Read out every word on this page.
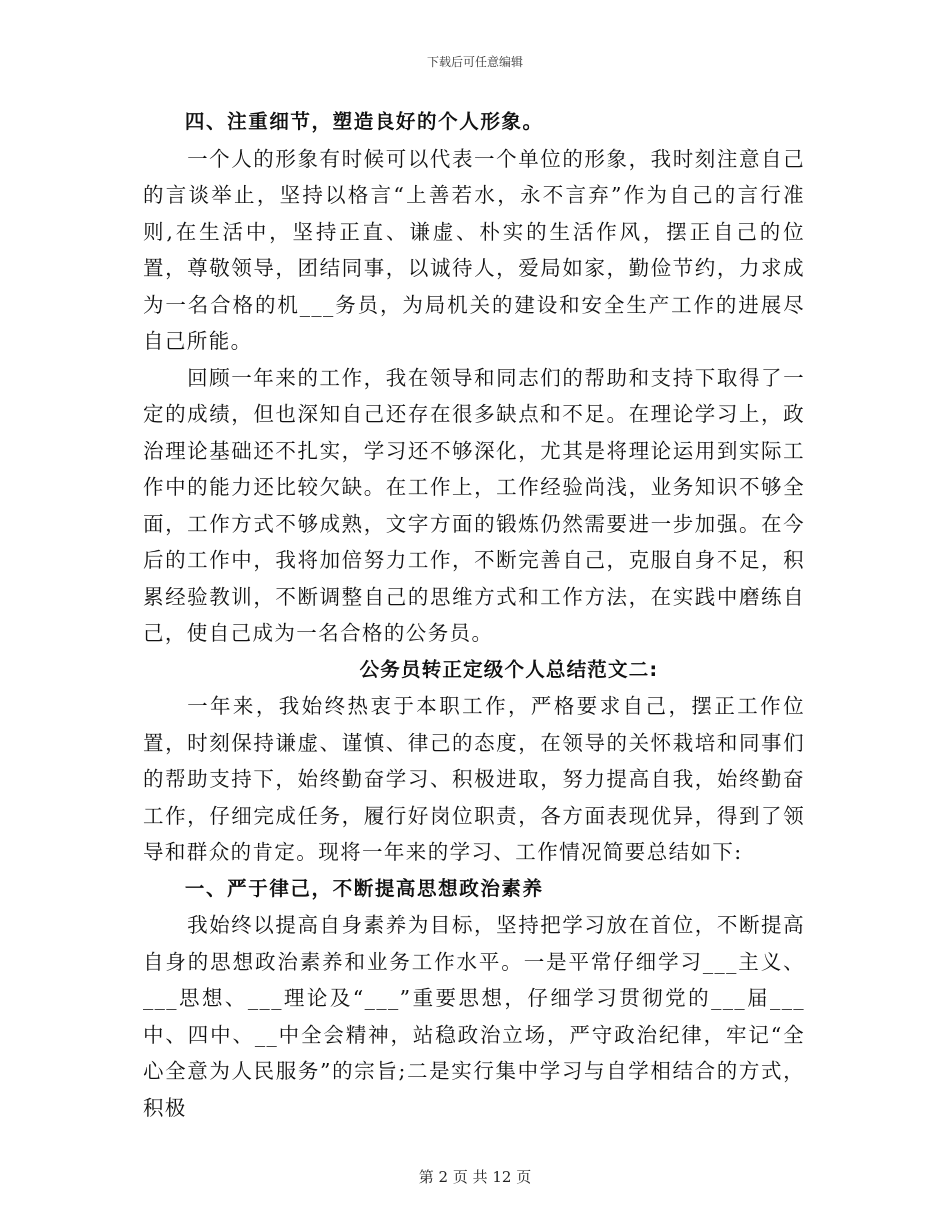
下载后可任意编辑

四、注重细节，塑造良好的个人形象。

一个人的形象有时候可以代表一个单位的形象，我时刻注意自己的言谈举止，坚持以格言“上善若水，永不言弃”作为自己的言行准则,在生活中，坚持正直、谦虚、朴实的生活作风，摆正自己的位置，尊敬领导，团结同事，以诚待人，爱局如家，勤俭节约，力求成为一名合格的机___务员，为局机关的建设和安全生产工作的进展尽自己所能。

回顾一年来的工作，我在领导和同志们的帮助和支持下取得了一定的成绩，但也深知自己还存在很多缺点和不足。在理论学习上，政治理论基础还不扎实，学习还不够深化，尤其是将理论运用到实际工作中的能力还比较欠缺。在工作上，工作经验尚浅，业务知识不够全面，工作方式不够成熟，文字方面的锻炼仍然需要进一步加强。在今后的工作中，我将加倍努力工作，不断完善自己，克服自身不足，积累经验教训，不断调整自己的思维方式和工作方法，在实践中磨练自己，使自己成为一名合格的公务员。

公务员转正定级个人总结范文二:

一年来，我始终热衷于本职工作，严格要求自己，摆正工作位置，时刻保持谦虚、谨慎、律己的态度，在领导的关怀栽培和同事们的帮助支持下，始终勤奋学习、积极进取，努力提高自我，始终勤奋工作，仔细完成任务，履行好岗位职责，各方面表现优异，得到了领导和群众的肯定。现将一年来的学习、工作情况简要总结如下:

一、严于律己，不断提高思想政治素养

我始终以提高自身素养为目标，坚持把学习放在首位，不断提高自身的思想政治素养和业务工作水平。一是平常仔细学习___主义、___思想、___理论及“___”重要思想，仔细学习贯彻党的___届___中、四中、__中全会精神，站稳政治立场，严守政治纪律，牢记“全心全意为人民服务”的宗旨;二是实行集中学习与自学相结合的方式，积极

第 2 页 共 12 页
